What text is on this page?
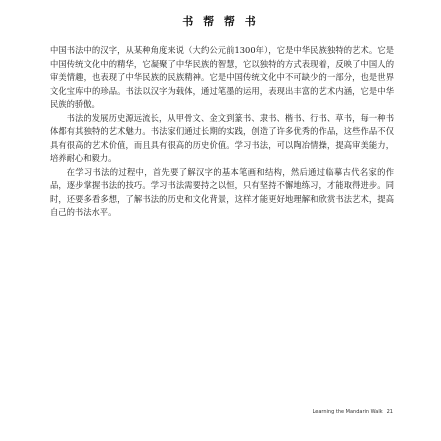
书 帮 帮 书

中国书法中的汉字，从某种角度来说（大约公元前1300年），它是中华民族独特的艺术。它是中国传统文化中的精华，它凝聚了中华民族的智慧，它以独特的方式表现着，反映了中国人的审美情趣，也表现了中华民族的民族精神。它是中国传统文化中不可缺少的一部分，也是世界文化宝库中的珍品。书法以汉字为载体，通过笔墨的运用，表现出丰富的艺术内涵，它是中华民族的骄傲。

书法的发展历史源远流长，从甲骨文、金文到篆书、隶书、楷书、行书、草书，每一种书体都有其独特的艺术魅力。书法家们通过长期的实践，创造了许多优秀的作品，这些作品不仅具有很高的艺术价值，而且具有很高的历史价值。学习书法，可以陶冶情操，提高审美能力，培养耐心和毅力。

在学习书法的过程中，首先要了解汉字的基本笔画和结构，然后通过临摹古代名家的作品，逐步掌握书法的技巧。学习书法需要持之以恒，只有坚持不懈地练习，才能取得进步。同时，还要多看多想，了解书法的历史和文化背景，这样才能更好地理解和欣赏书法艺术，提高自己的书法水平。

Learning the Mandarin Walk 21
